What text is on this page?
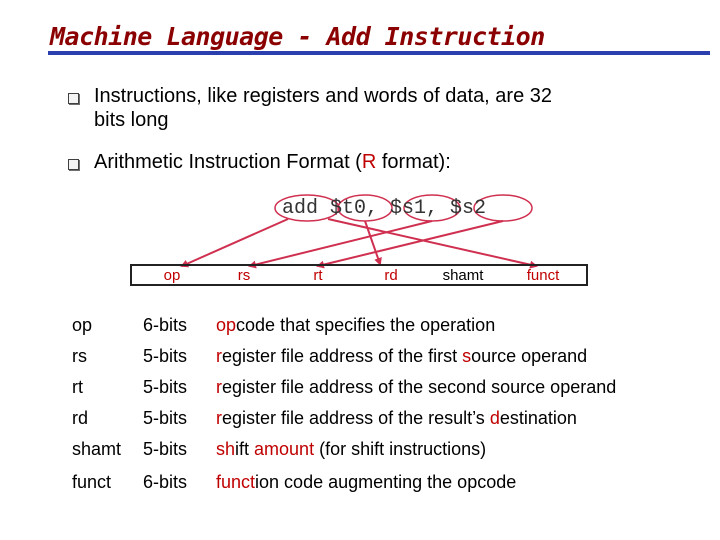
Machine Language - Add Instruction
Instructions, like registers and words of data, are 32
bits long
Arithmetic Instruction Format (R format):
add $t0, $s1, $s2
op	rs	rt	rd	shamt	funct
op	6-bits opcode that specifies the operation
rs	5-bits register file address of the first source operand
rt	5-bits register file address of the second source operand
rd	5-bits register file address of the result’s destination
shamt 5-bits shift amount (for shift instructions)
funct 6-bits function code augmenting the opcode
